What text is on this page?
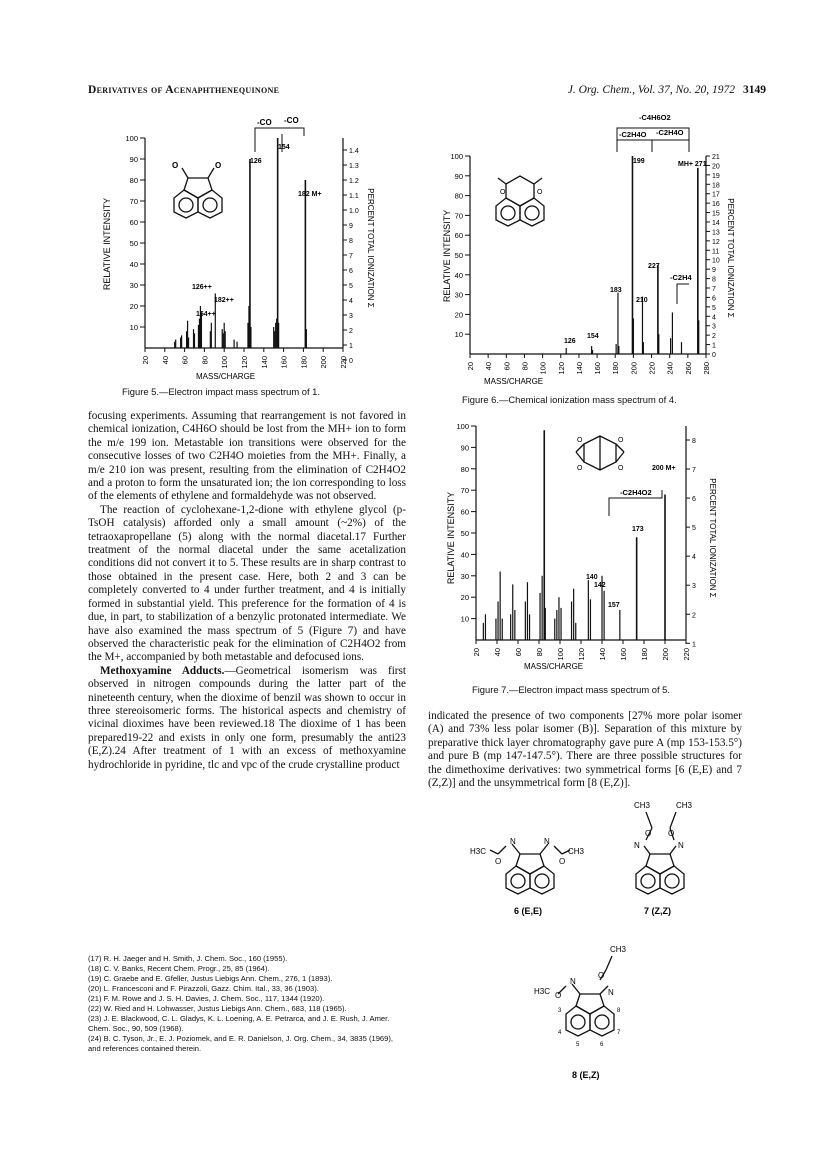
Derivatives of Acenaphthenequinone	J. Org. Chem., Vol. 37, No. 20, 1972 3149
10
20
30
40
50
60
70
80
90
100
20 40 60 80 100 120 140 160 180 200 220
1.4
1.3
1.2
1.1
1.0
9
8
7
6
5
4
3
2
1
0
RELATIVE INTENSITY
MASS/CHARGE
PERCENT TOTAL IONIZATION Σ
-CO -CO
126
154
182 M+
126++
182++
154++
O	O
Figure 5.—Electron impact mass spectrum of 1.
10
20
30
40
50
60
70
80
90
100
20 40 60 80 100 120 140 160 180 200 220 240 260 280
21
20
19
18
17
16
15
14
13
12
11
10
9
8
7
6
5
4
3
2
1
0
RELATIVE INTENSITY
MASS/CHARGE
PERCENT TOTAL IONIZATION Σ
-C4H6O2
-C2H4O -C2H4O
-C2H4
199	MH+ 271
227
183
210
126
154
O	O
Figure 6.—Chemical ionization mass spectrum of 4.
10
20
30
40
50
60
70
80
90
100
20 40 60 80 100 120 140 160 180 200 220
8
7
6
5
4
3
2
1
RELATIVE INTENSITY
MASS/CHARGE
PERCENT TOTAL IONIZATION Σ
-C2H4O2
200 M+
173
140
142
157
O	O
O	O
Figure 7.—Electron impact mass spectrum of 5.

focusing experiments. Assuming that rearrangement is not favored in chemical ionization, C4H6O should be lost from the MH+ ion to form the m/e 199 ion. Metastable ion transitions were observed for the consecutive losses of two C2H4O moieties from the MH+. Finally, a m/e 210 ion was present, resulting from the elimination of C2H4O2 and a proton to form the unsaturated ion; the ion corresponding to loss of the elements of ethylene and formaldehyde was not observed.

The reaction of cyclohexane-1,2-dione with ethylene glycol (p-TsOH catalysis) afforded only a small amount (~2%) of the tetraoxapropellane (5) along with the normal diacetal.17 Further treatment of the normal diacetal under the same acetalization conditions did not convert it to 5. These results are in sharp contrast to those obtained in the present case. Here, both 2 and 3 can be completely converted to 4 under further treatment, and 4 is initially formed in substantial yield. This preference for the formation of 4 is due, in part, to stabilization of a benzylic protonated intermediate. We have also examined the mass spectrum of 5 (Figure 7) and have observed the characteristic peak for the elimination of C2H4O2 from the M+, accompanied by both metastable and defocused ions.

Methoxyamine Adducts.—Geometrical isomerism was first observed in nitrogen compounds during the latter part of the nineteenth century, when the dioxime of benzil was shown to occur in three stereoisomeric forms. The historical aspects and chemistry of vicinal dioximes have been reviewed.18 The dioxime of 1 has been prepared19-22 and exists in only one form, presumably the anti23 (E,Z).24 After treatment of 1 with an excess of methoxyamine hydrochloride in pyridine, tlc and vpc of the crude crystalline product

(17) R. H. Jaeger and H. Smith, J. Chem. Soc., 160 (1955).

(18) C. V. Banks, Recent Chem. Progr., 25, 85 (1964).

(19) C. Graebe and E. Gfeller, Justus Liebigs Ann. Chem., 276, 1 (1893).

(20) L. Francesconi and F. Pirazzoli, Gazz. Chim. Ital., 33, 36 (1903).

(21) F. M. Rowe and J. S. H. Davies, J. Chem. Soc., 117, 1344 (1920).

(22) W. Ried and H. Lohwasser, Justus Liebigs Ann. Chem., 683, 118 (1965).

(23) J. E. Blackwood, C. L. Gladys, K. L. Loening, A. E. Petrarca, and J. E. Rush, J. Amer. Chem. Soc., 90, 509 (1968).

(24) B. C. Tyson, Jr., E. J. Poziomek, and E. R. Danielson, J. Org. Chem., 34, 3835 (1969), and references contained therein.

indicated the presence of two components [27% more polar isomer (A) and 73% less polar isomer (B)]. Separation of this mixture by preparative thick layer chromatography gave pure A (mp 153-153.5°) and pure B (mp 147-147.5°). There are three possible structures for the dimethoxime derivatives: two symmetrical forms [6 (E,E) and 7 (Z,Z)] and the unsymmetrical form [8 (E,Z)].

H3C
O
N	N
O
CH3
6 (E,E)
CH3	CH3
O O
N	N
7 (Z,Z)
CH3
O
N
H3C O
N
3
4
5	6
7
8
8 (E,Z)
